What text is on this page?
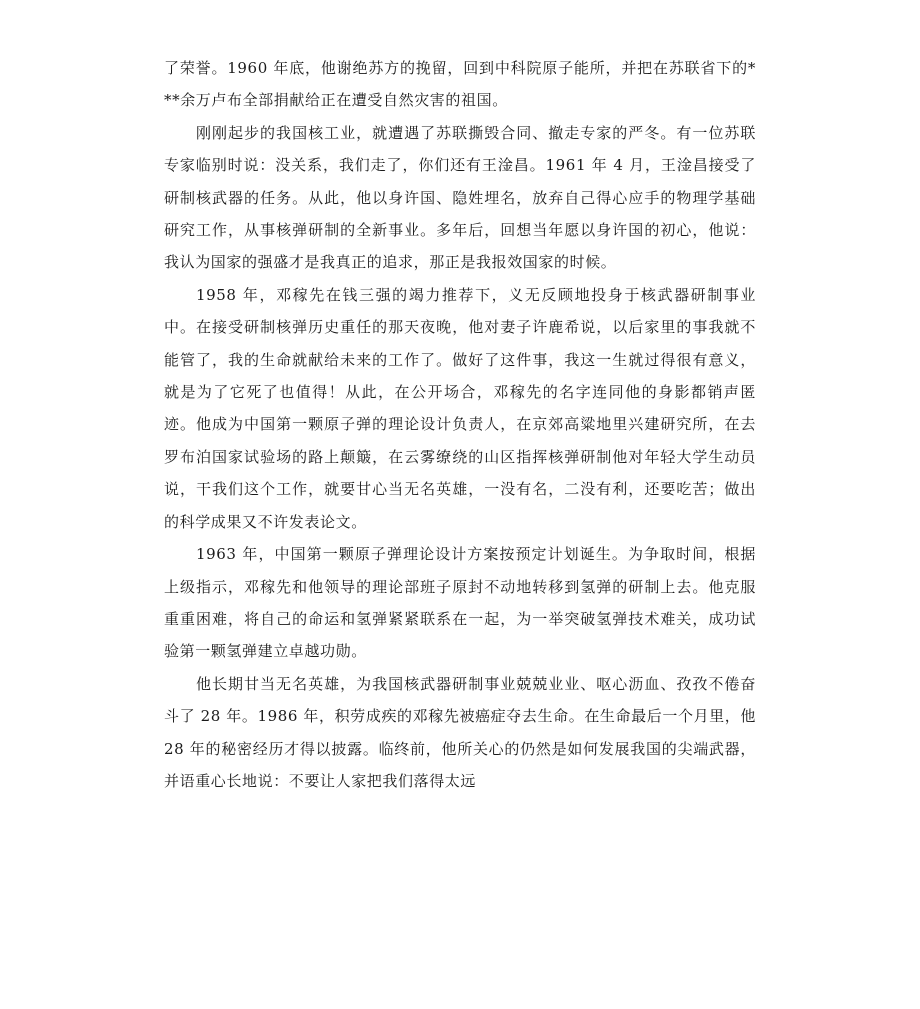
了荣誉。1960 年底，他谢绝苏方的挽留，回到中科院原子能所，并把在苏联省下的***余万卢布全部捐献给正在遭受自然灾害的祖国。

刚刚起步的我国核工业，就遭遇了苏联撕毁合同、撤走专家的严冬。有一位苏联专家临别时说：没关系，我们走了，你们还有王淦昌。1961 年 4 月，王淦昌接受了研制核武器的任务。从此，他以身许国、隐姓埋名，放弃自己得心应手的物理学基础研究工作，从事核弹研制的全新事业。多年后，回想当年愿以身许国的初心，他说：我认为国家的强盛才是我真正的追求，那正是我报效国家的时候。

1958 年，邓稼先在钱三强的竭力推荐下，义无反顾地投身于核武器研制事业中。在接受研制核弹历史重任的那天夜晚，他对妻子许鹿希说，以后家里的事我就不能管了，我的生命就献给未来的工作了。做好了这件事，我这一生就过得很有意义，就是为了它死了也值得！从此，在公开场合，邓稼先的名字连同他的身影都销声匿迹。他成为中国第一颗原子弹的理论设计负责人，在京郊高粱地里兴建研究所，在去罗布泊国家试验场的路上颠簸，在云雾缭绕的山区指挥核弹研制他对年轻大学生动员说，干我们这个工作，就要甘心当无名英雄，一没有名，二没有利，还要吃苦；做出的科学成果又不许发表论文。

1963 年，中国第一颗原子弹理论设计方案按预定计划诞生。为争取时间，根据上级指示，邓稼先和他领导的理论部班子原封不动地转移到氢弹的研制上去。他克服重重困难，将自己的命运和氢弹紧紧联系在一起，为一举突破氢弹技术难关，成功试验第一颗氢弹建立卓越功勋。

他长期甘当无名英雄，为我国核武器研制事业兢兢业业、呕心沥血、孜孜不倦奋斗了 28 年。1986 年，积劳成疾的邓稼先被癌症夺去生命。在生命最后一个月里，他 28 年的秘密经历才得以披露。临终前，他所关心的仍然是如何发展我国的尖端武器，并语重心长地说：不要让人家把我们落得太远
